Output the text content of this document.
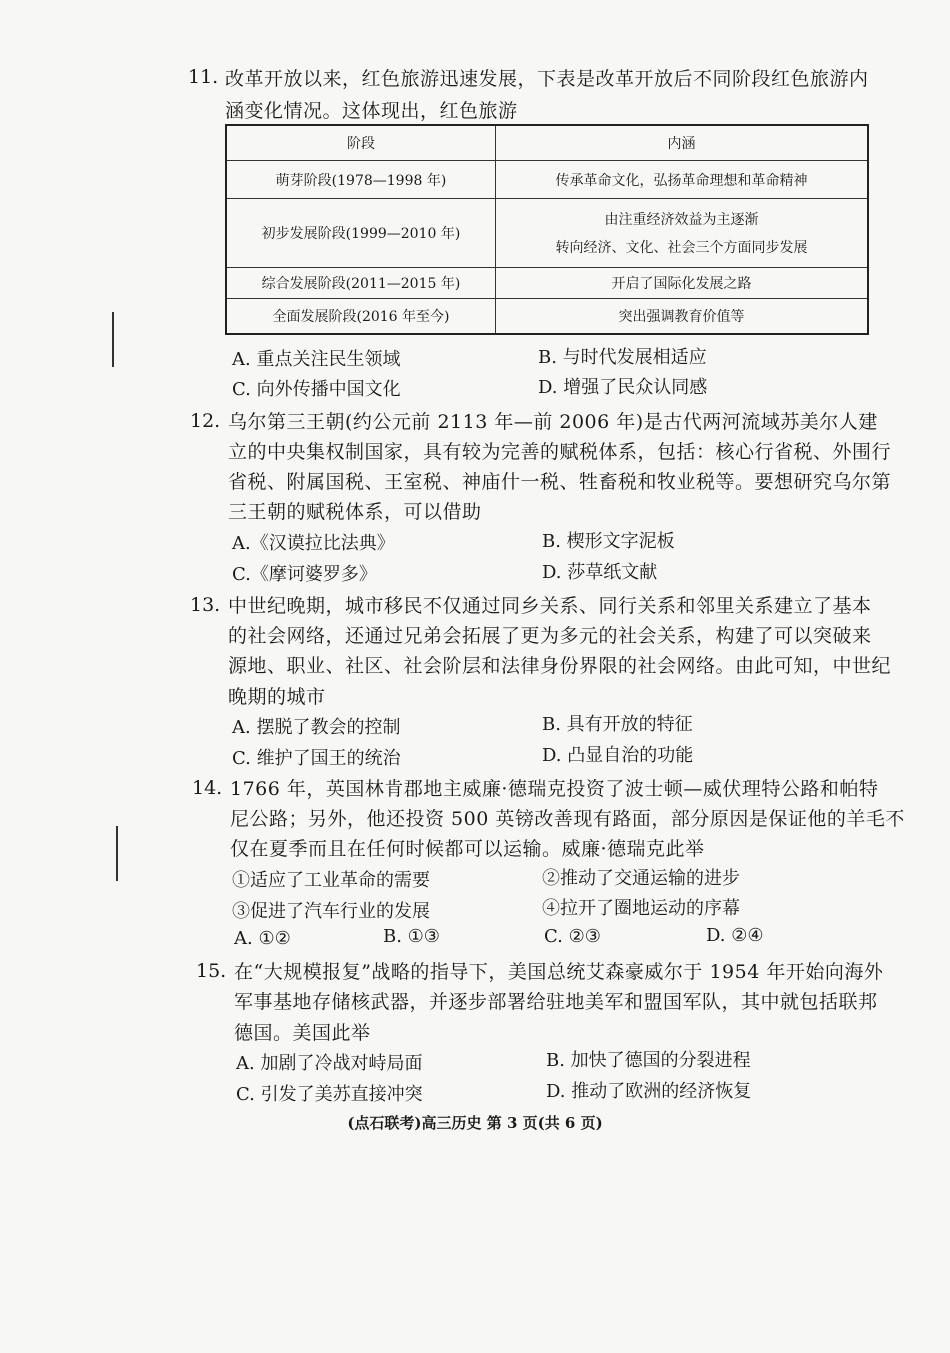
11. 改革开放以来，红色旅游迅速发展，下表是改革开放后不同阶段红色旅游内
涵变化情况。这体现出，红色旅游
阶段	内涵
萌芽阶段(1978—1998 年)	传承革命文化，弘扬革命理想和革命精神
初步发展阶段(1999—2010 年)	由注重经济效益为主逐渐
转向经济、文化、社会三个方面同步发展

综合发展阶段(2011—2015 年)	开启了国际化发展之路
全面发展阶段(2016 年至今)	突出强调教育价值等
A. 重点关注民生领域	B. 与时代发展相适应
C. 向外传播中国文化	D. 增强了民众认同感
12. 乌尔第三王朝(约公元前 2113 年—前 2006 年)是古代两河流域苏美尔人建
立的中央集权制国家，具有较为完善的赋税体系，包括：核心行省税、外围行
省税、附属国税、王室税、神庙什一税、牲畜税和牧业税等。要想研究乌尔第
三王朝的赋税体系，可以借助
A.《汉谟拉比法典》	B. 楔形文字泥板
C.《摩诃婆罗多》	D. 莎草纸文献
13. 中世纪晚期，城市移民不仅通过同乡关系、同行关系和邻里关系建立了基本
的社会网络，还通过兄弟会拓展了更为多元的社会关系，构建了可以突破来
源地、职业、社区、社会阶层和法律身份界限的社会网络。由此可知，中世纪
晚期的城市
A. 摆脱了教会的控制	B. 具有开放的特征
C. 维护了国王的统治	D. 凸显自治的功能
14. 1766 年，英国林肯郡地主威廉·德瑞克投资了波士顿—威伏理特公路和帕特
尼公路；另外，他还投资 500 英镑改善现有路面，部分原因是保证他的羊毛不
仅在夏季而且在任何时候都可以运输。威廉·德瑞克此举
①适应了工业革命的需要	②推动了交通运输的进步
③促进了汽车行业的发展	④拉开了圈地运动的序幕
A. ①②	B. ①③	C. ②③	D. ②④
15. 在“大规模报复”战略的指导下，美国总统艾森豪威尔于 1954 年开始向海外
军事基地存储核武器，并逐步部署给驻地美军和盟国军队，其中就包括联邦
德国。美国此举
A. 加剧了冷战对峙局面	B. 加快了德国的分裂进程
C. 引发了美苏直接冲突	D. 推动了欧洲的经济恢复
(点石联考)高三历史 第 3 页(共 6 页)
